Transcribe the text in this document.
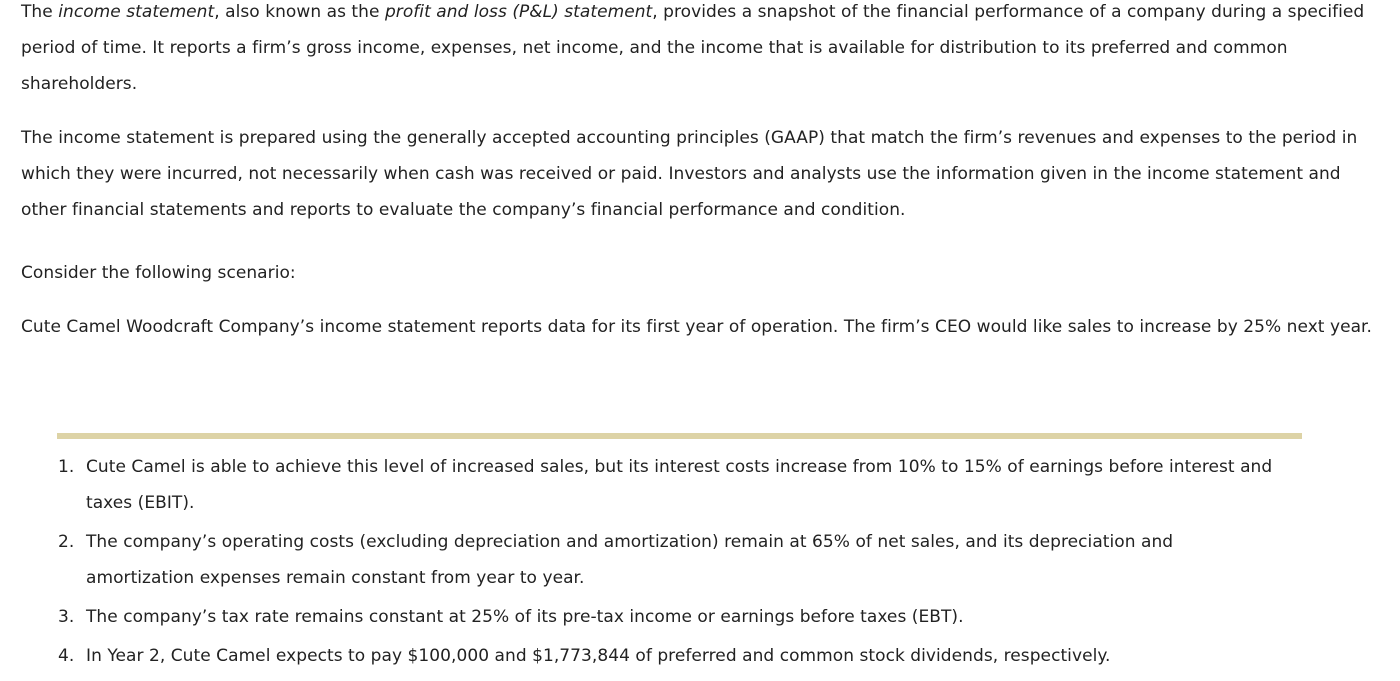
The income statement, also known as the profit and loss (P&L) statement, provides a snapshot of the financial performance of a company during a specified period of time. It reports a firm’s gross income, expenses, net income, and the income that is available for distribution to its preferred and common shareholders.

The income statement is prepared using the generally accepted accounting principles (GAAP) that match the firm’s revenues and expenses to the period in which they were incurred, not necessarily when cash was received or paid. Investors and analysts use the information given in the income statement and other financial statements and reports to evaluate the company’s financial performance and condition.

Consider the following scenario:

Cute Camel Woodcraft Company’s income statement reports data for its first year of operation. The firm’s CEO would like sales to increase by 25% next year.

1. Cute Camel is able to achieve this level of increased sales, but its interest costs increase from 10% to 15% of earnings before interest and taxes (EBIT).
2. The company’s operating costs (excluding depreciation and amortization) remain at 65% of net sales, and its depreciation and amortization expenses remain constant from year to year.
3. The company’s tax rate remains constant at 25% of its pre-tax income or earnings before taxes (EBT).
4. In Year 2, Cute Camel expects to pay $100,000 and $1,773,844 of preferred and common stock dividends, respectively.
